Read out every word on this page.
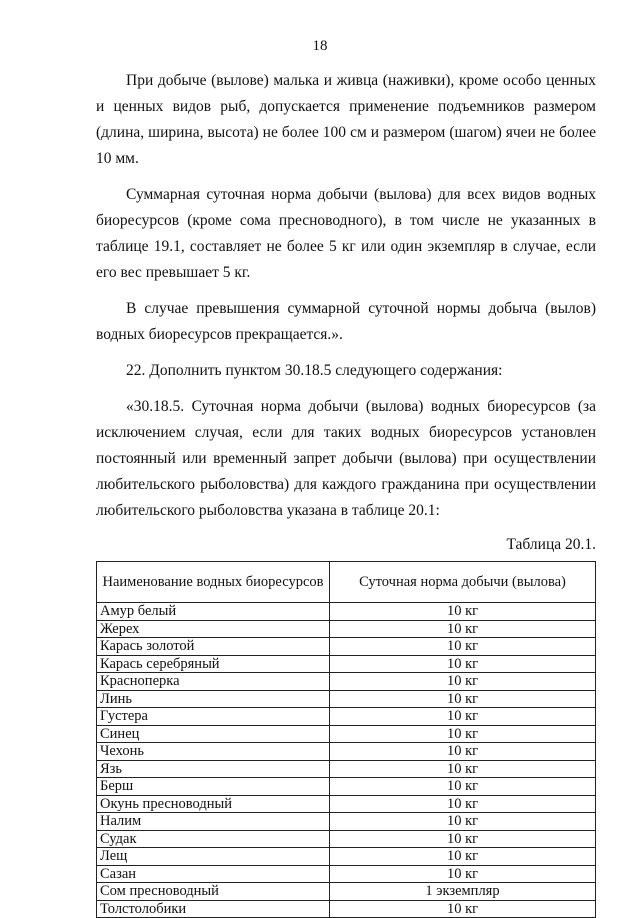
18

При добыче (вылове) малька и живца (наживки), кроме особо ценных и ценных видов рыб, допускается применение подъемников размером (длина, ширина, высота) не более 100 см и размером (шагом) ячеи не более 10 мм.

Суммарная суточная норма добычи (вылова) для всех видов водных биоресурсов (кроме сома пресноводного), в том числе не указанных в таблице 19.1, составляет не более 5 кг или один экземпляр в случае, если его вес превышает 5 кг.

В случае превышения суммарной суточной нормы добыча (вылов) водных биоресурсов прекращается.».

22. Дополнить пунктом 30.18.5 следующего содержания:

«30.18.5. Суточная норма добычи (вылова) водных биоресурсов (за исключением случая, если для таких водных биоресурсов установлен постоянный или временный запрет добычи (вылова) при осуществлении любительского рыболовства) для каждого гражданина при осуществлении любительского рыболовства указана в таблице 20.1:

Таблица 20.1.
Наименование водных биоресурсов	Суточная норма добычи (вылова)
Амур белый	10 кг
Жерех	10 кг
Карась золотой	10 кг
Карась серебряный	10 кг
Красноперка	10 кг
Линь	10 кг
Густера	10 кг
Синец	10 кг
Чехонь	10 кг
Язь	10 кг
Берш	10 кг
Окунь пресноводный	10 кг
Налим	10 кг
Судак	10 кг
Лещ	10 кг
Сазан	10 кг
Сом пресноводный	1 экземпляр
Толстолобики	10 кг
